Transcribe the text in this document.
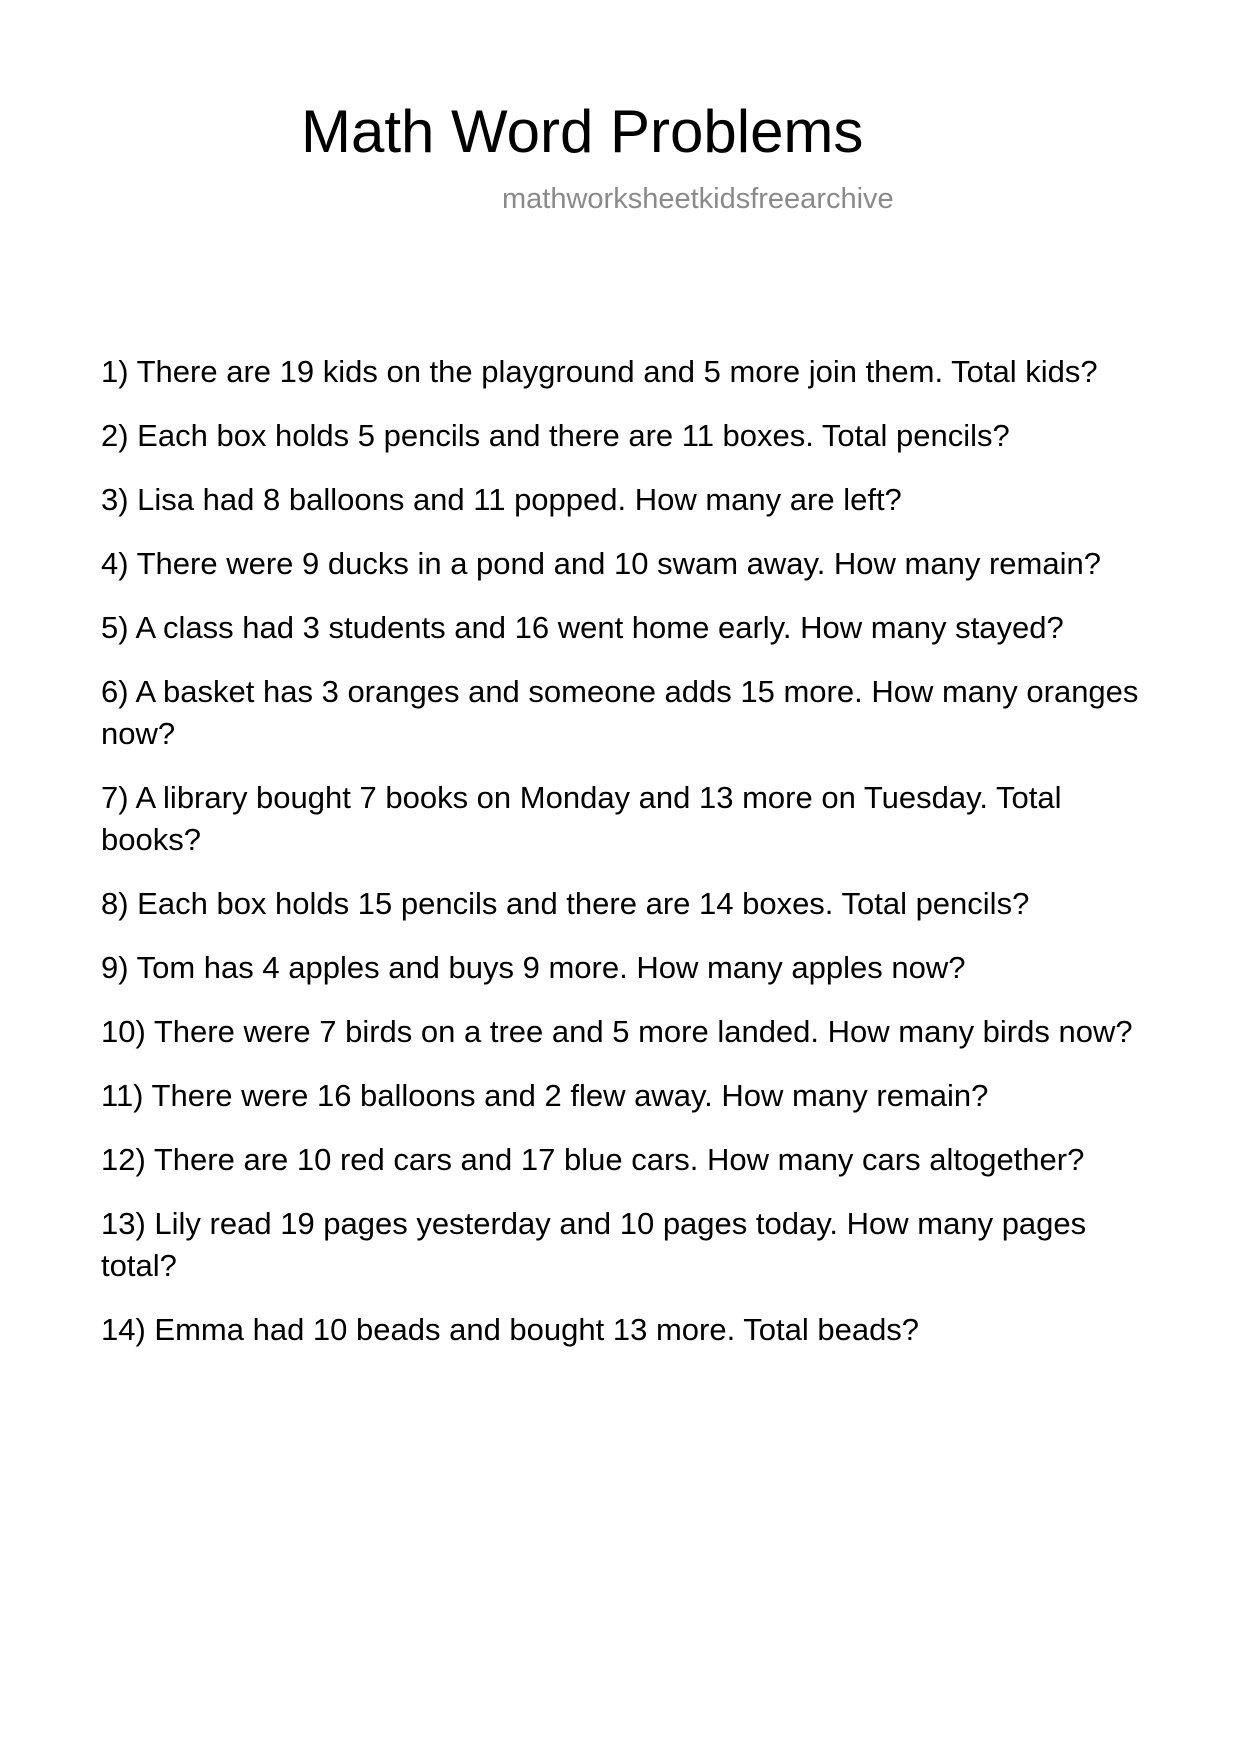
Math Word Problems
mathworksheetkidsfreearchive
1) There are 19 kids on the playground and 5 more join them. Total kids?
2) Each box holds 5 pencils and there are 11 boxes. Total pencils?
3) Lisa had 8 balloons and 11 popped. How many are left?
4) There were 9 ducks in a pond and 10 swam away. How many remain?
5) A class had 3 students and 16 went home early. How many stayed?
6) A basket has 3 oranges and someone adds 15 more. How many oranges now?
7) A library bought 7 books on Monday and 13 more on Tuesday. Total books?
8) Each box holds 15 pencils and there are 14 boxes. Total pencils?
9) Tom has 4 apples and buys 9 more. How many apples now?
10) There were 7 birds on a tree and 5 more landed. How many birds now?
11) There were 16 balloons and 2 flew away. How many remain?
12) There are 10 red cars and 17 blue cars. How many cars altogether?
13) Lily read 19 pages yesterday and 10 pages today. How many pages total?
14) Emma had 10 beads and bought 13 more. Total beads?
